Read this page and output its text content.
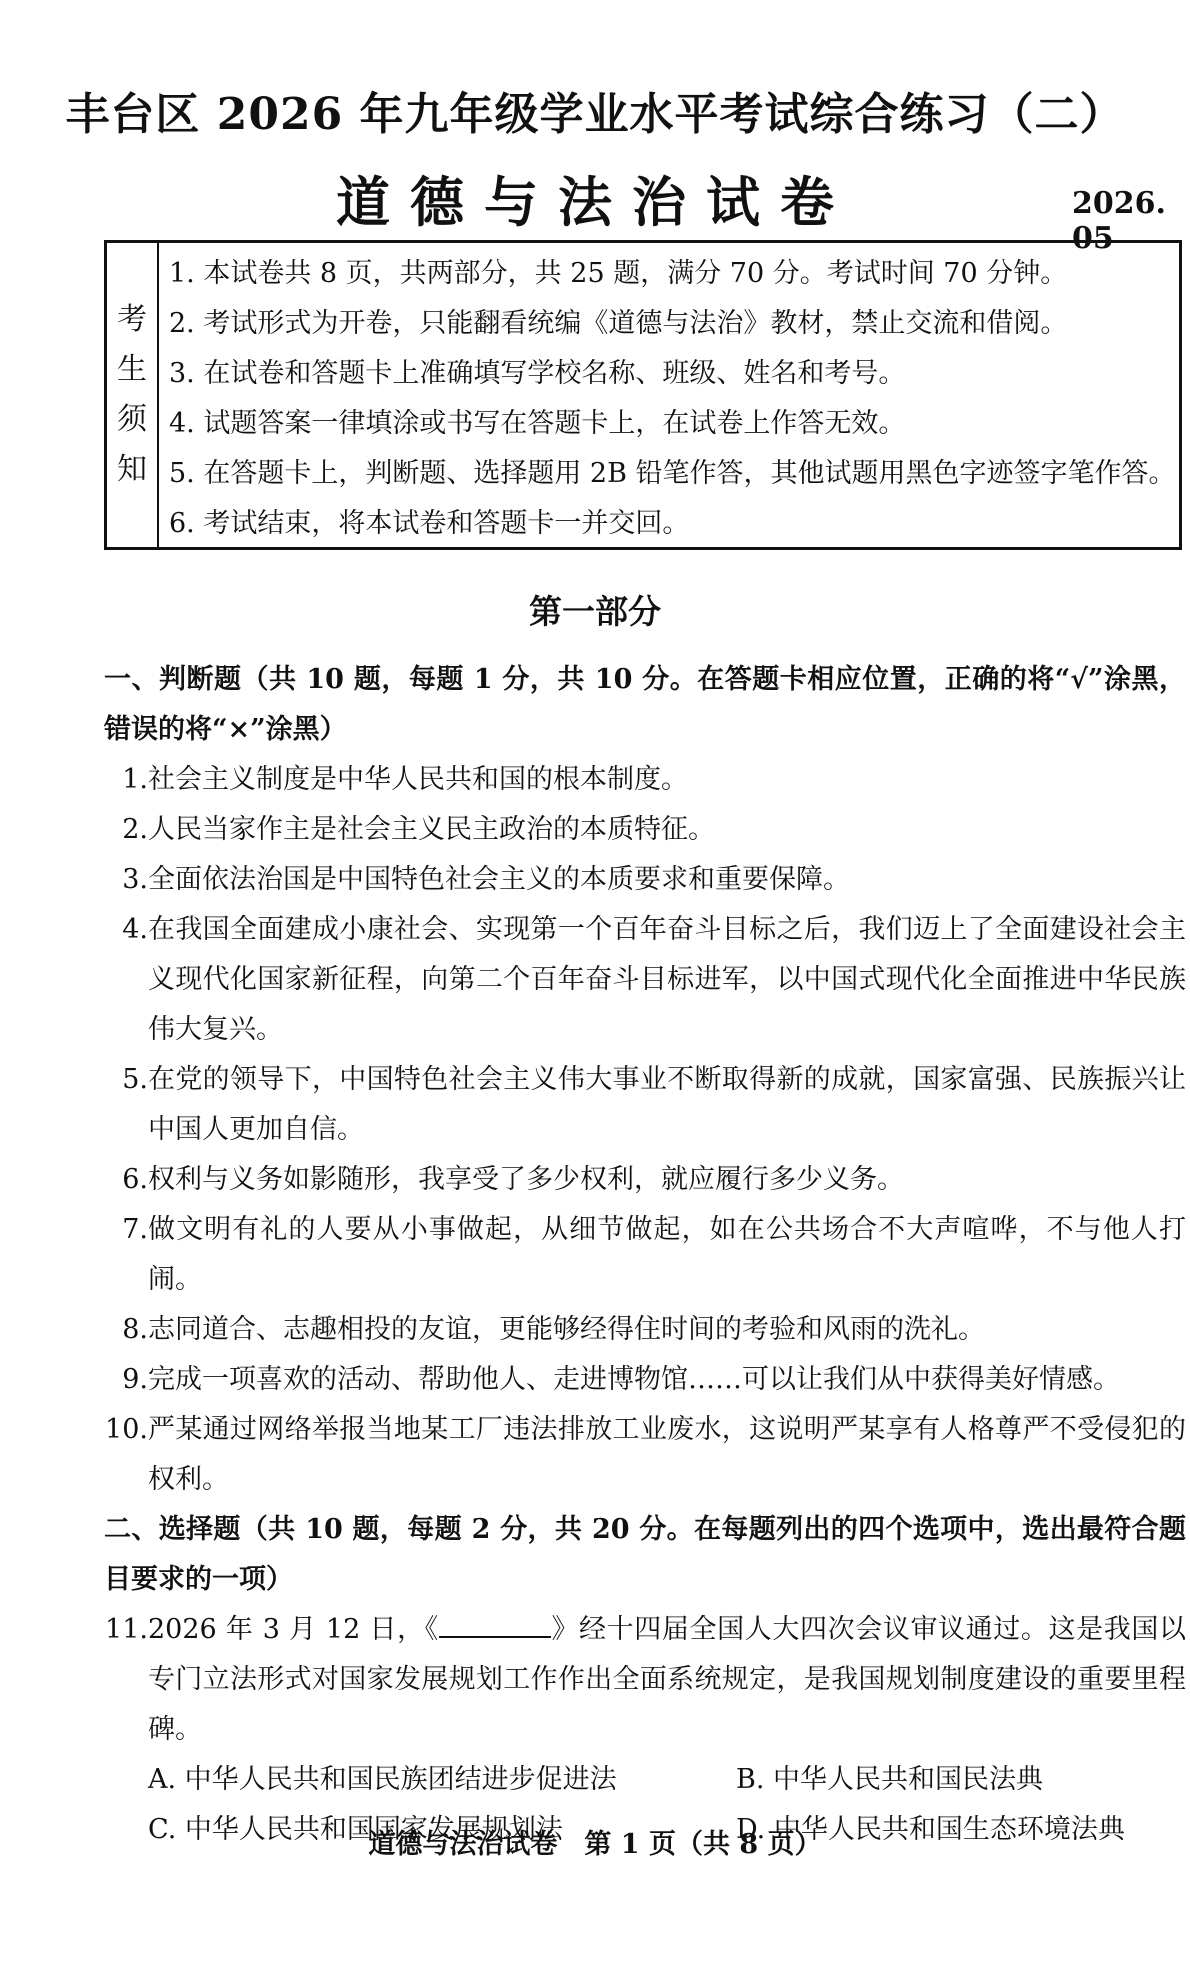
丰台区 2026 年九年级学业水平考试综合练习（二）
道德与法治试卷	2026. 05
考
生
须
知
1. 本试卷共 8 页，共两部分，共 25 题，满分 70 分。考试时间 70 分钟。
2. 考试形式为开卷，只能翻看统编《道德与法治》教材，禁止交流和借阅。
3. 在试卷和答题卡上准确填写学校名称、班级、姓名和考号。
4. 试题答案一律填涂或书写在答题卡上，在试卷上作答无效。
5. 在答题卡上，判断题、选择题用 2B 铅笔作答，其他试题用黑色字迹签字笔作答。
6. 考试结束，将本试卷和答题卡一并交回。
第一部分
一、判断题（共 10 题，每题 1 分，共 10 分。在答题卡相应位置，正确的将“√”涂黑，错误的将“×”涂黑）
1. 社会主义制度是中华人民共和国的根本制度。
2. 人民当家作主是社会主义民主政治的本质特征。
3. 全面依法治国是中国特色社会主义的本质要求和重要保障。
4. 在我国全面建成小康社会、实现第一个百年奋斗目标之后，我们迈上了全面建设社会主义现代化国家新征程，向第二个百年奋斗目标进军，以中国式现代化全面推进中华民族伟大复兴。
5. 在党的领导下，中国特色社会主义伟大事业不断取得新的成就，国家富强、民族振兴让中国人更加自信。
6. 权利与义务如影随形，我享受了多少权利，就应履行多少义务。
7. 做文明有礼的人要从小事做起，从细节做起，如在公共场合不大声喧哗，不与他人打闹。
8. 志同道合、志趣相投的友谊，更能够经得住时间的考验和风雨的洗礼。
9. 完成一项喜欢的活动、帮助他人、走进博物馆……可以让我们从中获得美好情感。
10. 严某通过网络举报当地某工厂违法排放工业废水，这说明严某享有人格尊严不受侵犯的权利。
二、选择题（共 10 题，每题 2 分，共 20 分。在每题列出的四个选项中，选出最符合题目要求的一项）
11. 2026 年 3 月 12 日，《	》经十四届全国人大四次会议审议通过。这是我国以专门立法形式对国家发展规划工作作出全面系统规定，是我国规划制度建设的重要里程碑。
A. 中华人民共和国民族团结进步促进法	B. 中华人民共和国民法典
C. 中华人民共和国国家发展规划法	D. 中华人民共和国生态环境法典
道德与法治试卷　第 1 页（共 8 页）
